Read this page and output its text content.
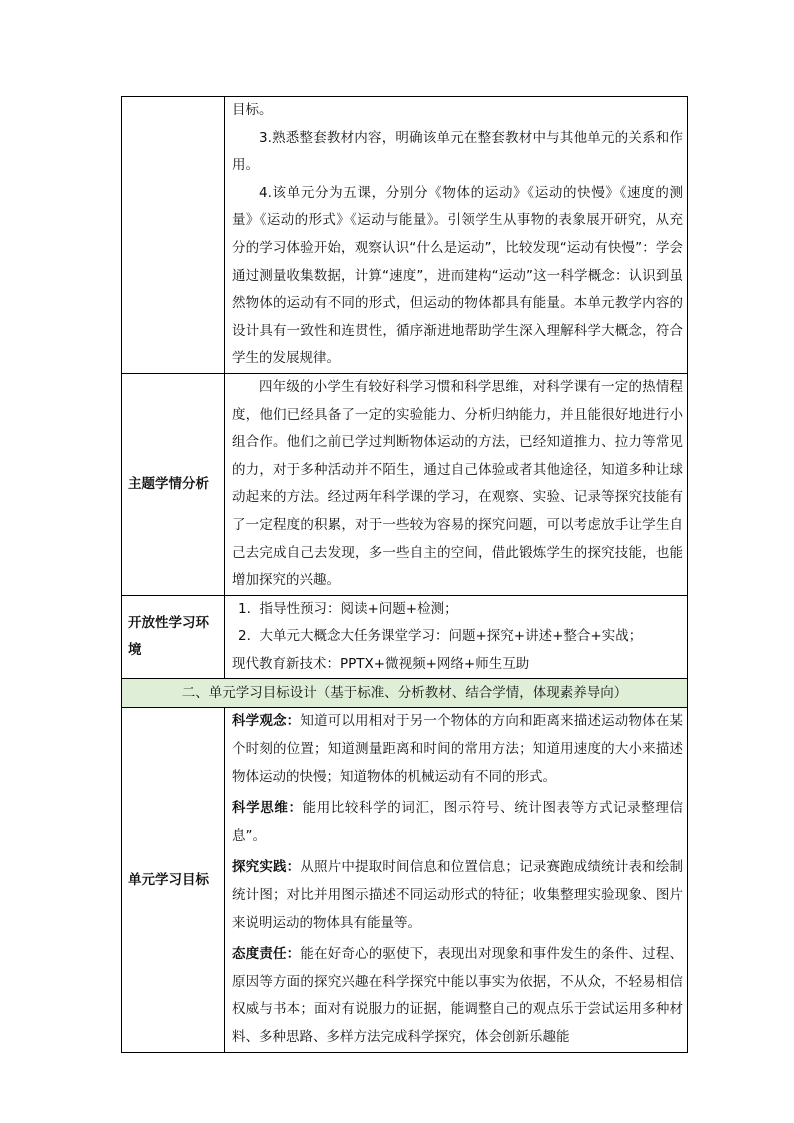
	目标。

3.熟悉整套教材内容，明确该单元在整套教材中与其他单元的关系和作用。

4.该单元分为五课，分别分《物体的运动》《运动的快慢》《速度的测量》《运动的形式》《运动与能量》。引领学生从事物的表象展开研究，从充分的学习体验开始，观察认识“什么是运动”，比较发现“运动有快慢”：学会通过测量收集数据，计算“速度”，进而建构“运动”这一科学概念：认识到虽然物体的运动有不同的形式，但运动的物体都具有能量。本单元教学内容的设计具有一致性和连贯性，循序渐进地帮助学生深入理解科学大概念，符合学生的发展规律。

主题学情分析	四年级的小学生有较好科学习惯和科学思维，对科学课有一定的热情程度，他们已经具备了一定的实验能力、分析归纳能力，并且能很好地进行小组合作。他们之前已学过判断物体运动的方法，已经知道推力、拉力等常见的力，对于多种活动并不陌生，通过自己体验或者其他途径，知道多种让球动起来的方法。经过两年科学课的学习，在观察、实验、记录等探究技能有了一定程度的积累，对于一些较为容易的探究问题，可以考虑放手让学生自己去完成自己去发现，多一些自主的空间，借此锻炼学生的探究技能，也能增加探究的兴趣。

开放性学习环境	1.  指导性预习：阅读+问题+检测；

2.  大单元大概念大任务课堂学习：问题+探究+讲述+整合+实战；

现代教育新技术：PPTX+微视频+网络+师生互助

二、单元学习目标设计（基于标准、分析教材、结合学情，体现素养导向）	
单元学习目标	科学观念：知道可以用相对于另一个物体的方向和距离来描述运动物体在某个时刻的位置；知道测量距离和时间的常用方法；知道用速度的大小来描述物体运动的快慢；知道物体的机械运动有不同的形式。

科学思维：能用比较科学的词汇，图示符号、统计图表等方式记录整理信息”。

探究实践：从照片中提取时间信息和位置信息；记录赛跑成绩统计表和绘制统计图；对比并用图示描述不同运动形式的特征；收集整理实验现象、图片来说明运动的物体具有能量等。

态度责任：能在好奇心的驱使下，表现出对现象和事件发生的条件、过程、原因等方面的探究兴趣在科学探究中能以事实为依据，不从众，不轻易相信权威与书本；面对有说服力的证据，能调整自己的观点乐于尝试运用多种材料、多种思路、多样方法完成科学探究，体会创新乐趣能
